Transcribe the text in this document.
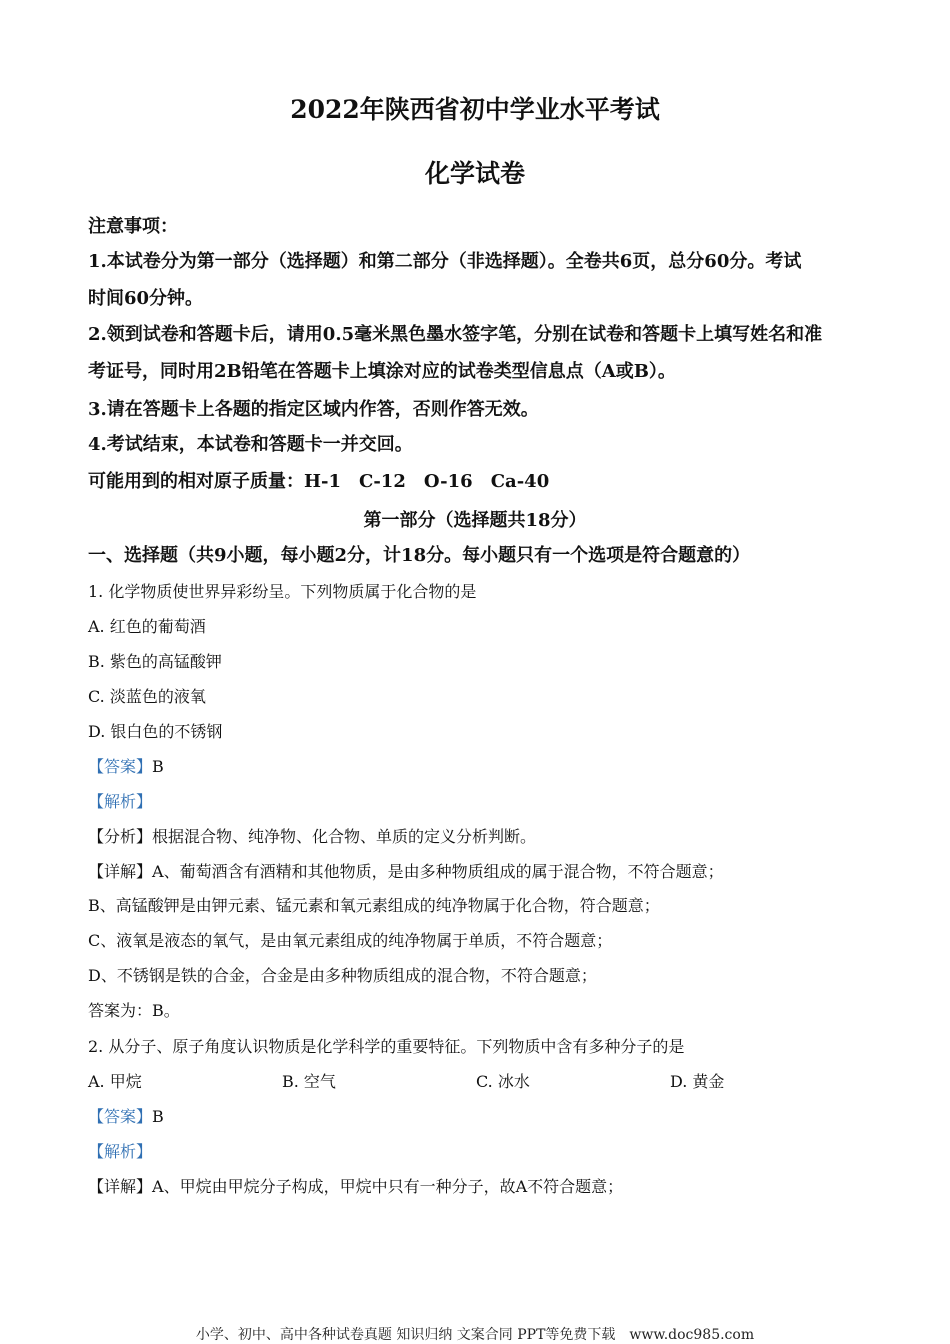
2022年陕西省初中学业水平考试
化学试卷
注意事项：
1.本试卷分为第一部分（选择题）和第二部分（非选择题）。全卷共6页，总分60分。考试
时间60分钟。
2.领到试卷和答题卡后，请用0.5毫米黑色墨水签字笔，分别在试卷和答题卡上填写姓名和准
考证号，同时用2B铅笔在答题卡上填涂对应的试卷类型信息点（A或B）。
3.请在答题卡上各题的指定区域内作答，否则作答无效。
4.考试结束，本试卷和答题卡一并交回。
可能用到的相对原子质量：H-1　C-12　O-16　Ca-40
第一部分（选择题共18分）
一、选择题（共9小题，每小题2分，计18分。每小题只有一个选项是符合题意的）
1. 化学物质使世界异彩纷呈。下列物质属于化合物的是
A. 红色的葡萄酒
B. 紫色的高锰酸钾
C. 淡蓝色的液氧
D. 银白色的不锈钢
【答案】B
【解析】
【分析】根据混合物、纯净物、化合物、单质的定义分析判断。
【详解】A、葡萄酒含有酒精和其他物质，是由多种物质组成的属于混合物，不符合题意；
B、高锰酸钾是由钾元素、锰元素和氧元素组成的纯净物属于化合物，符合题意；
C、液氧是液态的氧气，是由氧元素组成的纯净物属于单质，不符合题意；
D、不锈钢是铁的合金，合金是由多种物质组成的混合物，不符合题意；
答案为：B。
2. 从分子、原子角度认识物质是化学科学的重要特征。下列物质中含有多种分子的是
A. 甲烷	B. 空气	C. 冰水	D. 黄金
【答案】B
【解析】
【详解】A、甲烷由甲烷分子构成，甲烷中只有一种分子，故A不符合题意；
小学、初中、高中各种试卷真题 知识归纳 文案合同 PPT等免费下载　www.doc985.com
